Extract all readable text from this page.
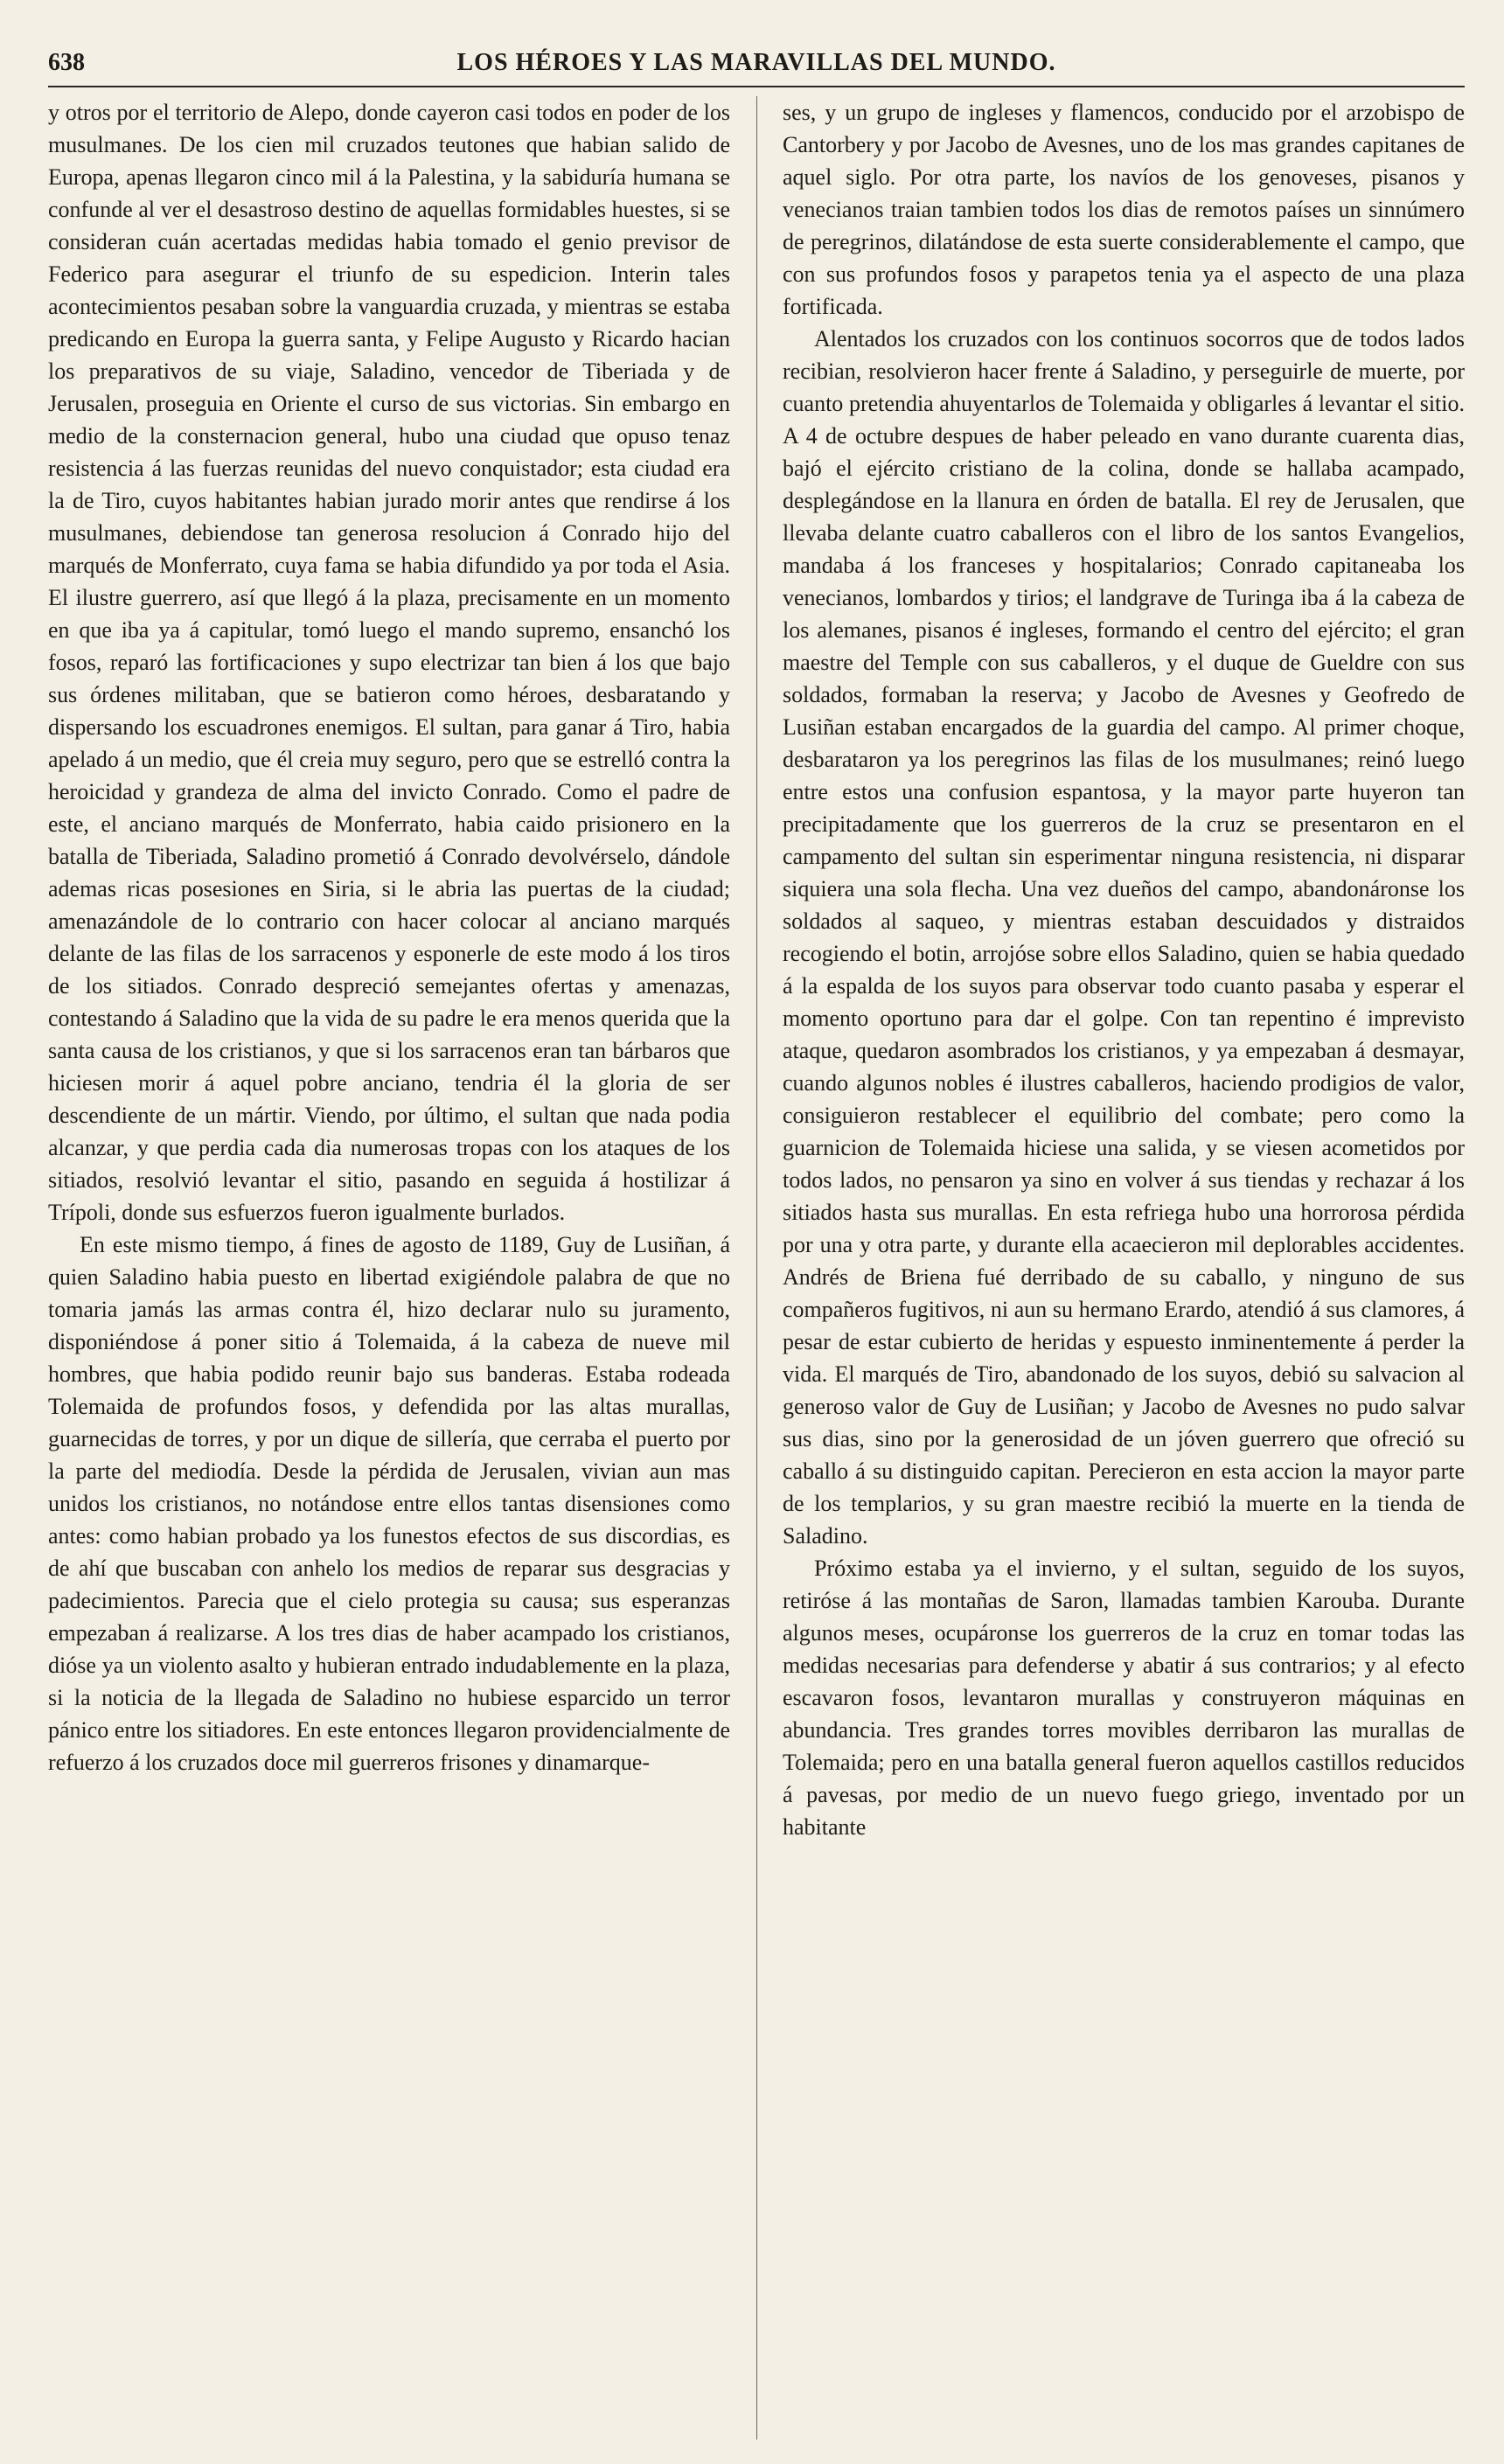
638	LOS HÉROES Y LAS MARAVILLAS DEL MUNDO.

y otros por el territorio de Alepo, donde cayeron casi todos en poder de los musulmanes. De los cien mil cruzados teutones que habian salido de Europa, apenas llegaron cinco mil á la Palestina, y la sabiduría humana se confunde al ver el desastroso destino de aquellas formidables huestes, si se consideran cuán acertadas medidas habia tomado el genio previsor de Federico para asegurar el triunfo de su espedicion. Interin tales acontecimientos pesaban sobre la vanguardia cruzada, y mientras se estaba predicando en Europa la guerra santa, y Felipe Augusto y Ricardo hacian los preparativos de su viaje, Saladino, vencedor de Tiberiada y de Jerusalen, proseguia en Oriente el curso de sus victorias. Sin embargo en medio de la consternacion general, hubo una ciudad que opuso tenaz resistencia á las fuerzas reunidas del nuevo conquistador; esta ciudad era la de Tiro, cuyos habitantes habian jurado morir antes que rendirse á los musulmanes, debiendose tan generosa resolucion á Conrado hijo del marqués de Monferrato, cuya fama se habia difundido ya por toda el Asia. El ilustre guerrero, así que llegó á la plaza, precisamente en un momento en que iba ya á capitular, tomó luego el mando supremo, ensanchó los fosos, reparó las fortificaciones y supo electrizar tan bien á los que bajo sus órdenes militaban, que se batieron como héroes, desbaratando y dispersando los escuadrones enemigos. El sultan, para ganar á Tiro, habia apelado á un medio, que él creia muy seguro, pero que se estrelló contra la heroicidad y grandeza de alma del invicto Conrado. Como el padre de este, el anciano marqués de Monferrato, habia caido prisionero en la batalla de Tiberiada, Saladino prometió á Conrado devolvérselo, dándole ademas ricas posesiones en Siria, si le abria las puertas de la ciudad; amenazándole de lo contrario con hacer colocar al anciano marqués delante de las filas de los sarracenos y esponerle de este modo á los tiros de los sitiados. Conrado despreció semejantes ofertas y amenazas, contestando á Saladino que la vida de su padre le era menos querida que la santa causa de los cristianos, y que si los sarracenos eran tan bárbaros que hiciesen morir á aquel pobre anciano, tendria él la gloria de ser descendiente de un mártir. Viendo, por último, el sultan que nada podia alcanzar, y que perdia cada dia numerosas tropas con los ataques de los sitiados, resolvió levantar el sitio, pasando en seguida á hostilizar á Trípoli, donde sus esfuerzos fueron igualmente burlados.

En este mismo tiempo, á fines de agosto de 1189, Guy de Lusiñan, á quien Saladino habia puesto en libertad exigiéndole palabra de que no tomaria jamás las armas contra él, hizo declarar nulo su juramento, disponiéndose á poner sitio á Tolemaida, á la cabeza de nueve mil hombres, que habia podido reunir bajo sus banderas. Estaba rodeada Tolemaida de profundos fosos, y defendida por las altas murallas, guarnecidas de torres, y por un dique de sillería, que cerraba el puerto por la parte del mediodía. Desde la pérdida de Jerusalen, vivian aun mas unidos los cristianos, no notándose entre ellos tantas disensiones como antes: como habian probado ya los funestos efectos de sus discordias, es de ahí que buscaban con anhelo los medios de reparar sus desgracias y padecimientos. Parecia que el cielo protegia su causa; sus esperanzas empezaban á realizarse. A los tres dias de haber acampado los cristianos, dióse ya un violento asalto y hubieran entrado indudablemente en la plaza, si la noticia de la llegada de Saladino no hubiese esparcido un terror pánico entre los sitiadores. En este entonces llegaron providencialmente de refuerzo á los cruzados doce mil guerreros frisones y dinamarque-

ses, y un grupo de ingleses y flamencos, conducido por el arzobispo de Cantorbery y por Jacobo de Avesnes, uno de los mas grandes capitanes de aquel siglo. Por otra parte, los navíos de los genoveses, pisanos y venecianos traian tambien todos los dias de remotos países un sinnúmero de peregrinos, dilatándose de esta suerte considerablemente el campo, que con sus profundos fosos y parapetos tenia ya el aspecto de una plaza fortificada.

Alentados los cruzados con los continuos socorros que de todos lados recibian, resolvieron hacer frente á Saladino, y perseguirle de muerte, por cuanto pretendia ahuyentarlos de Tolemaida y obligarles á levantar el sitio. A 4 de octubre despues de haber peleado en vano durante cuarenta dias, bajó el ejército cristiano de la colina, donde se hallaba acampado, desplegándose en la llanura en órden de batalla. El rey de Jerusalen, que llevaba delante cuatro caballeros con el libro de los santos Evangelios, mandaba á los franceses y hospitalarios; Conrado capitaneaba los venecianos, lombardos y tirios; el landgrave de Turinga iba á la cabeza de los alemanes, pisanos é ingleses, formando el centro del ejército; el gran maestre del Temple con sus caballeros, y el duque de Gueldre con sus soldados, formaban la reserva; y Jacobo de Avesnes y Geofredo de Lusiñan estaban encargados de la guardia del campo. Al primer choque, desbarataron ya los peregrinos las filas de los musulmanes; reinó luego entre estos una confusion espantosa, y la mayor parte huyeron tan precipitadamente que los guerreros de la cruz se presentaron en el campamento del sultan sin esperimentar ninguna resistencia, ni disparar siquiera una sola flecha. Una vez dueños del campo, abandonáronse los soldados al saqueo, y mientras estaban descuidados y distraidos recogiendo el botin, arrojóse sobre ellos Saladino, quien se habia quedado á la espalda de los suyos para observar todo cuanto pasaba y esperar el momento oportuno para dar el golpe. Con tan repentino é imprevisto ataque, quedaron asombrados los cristianos, y ya empezaban á desmayar, cuando algunos nobles é ilustres caballeros, haciendo prodigios de valor, consiguieron restablecer el equilibrio del combate; pero como la guarnicion de Tolemaida hiciese una salida, y se viesen acometidos por todos lados, no pensaron ya sino en volver á sus tiendas y rechazar á los sitiados hasta sus murallas. En esta refriega hubo una horrorosa pérdida por una y otra parte, y durante ella acaecieron mil deplorables accidentes. Andrés de Briena fué derribado de su caballo, y ninguno de sus compañeros fugitivos, ni aun su hermano Erardo, atendió á sus clamores, á pesar de estar cubierto de heridas y espuesto inminentemente á perder la vida. El marqués de Tiro, abandonado de los suyos, debió su salvacion al generoso valor de Guy de Lusiñan; y Jacobo de Avesnes no pudo salvar sus dias, sino por la generosidad de un jóven guerrero que ofreció su caballo á su distinguido capitan. Perecieron en esta accion la mayor parte de los templarios, y su gran maestre recibió la muerte en la tienda de Saladino.

Próximo estaba ya el invierno, y el sultan, seguido de los suyos, retiróse á las montañas de Saron, llamadas tambien Karouba. Durante algunos meses, ocupáronse los guerreros de la cruz en tomar todas las medidas necesarias para defenderse y abatir á sus contrarios; y al efecto escavaron fosos, levantaron murallas y construyeron máquinas en abundancia. Tres grandes torres movibles derribaron las murallas de Tolemaida; pero en una batalla general fueron aquellos castillos reducidos á pavesas, por medio de un nuevo fuego griego, inventado por un habitante
